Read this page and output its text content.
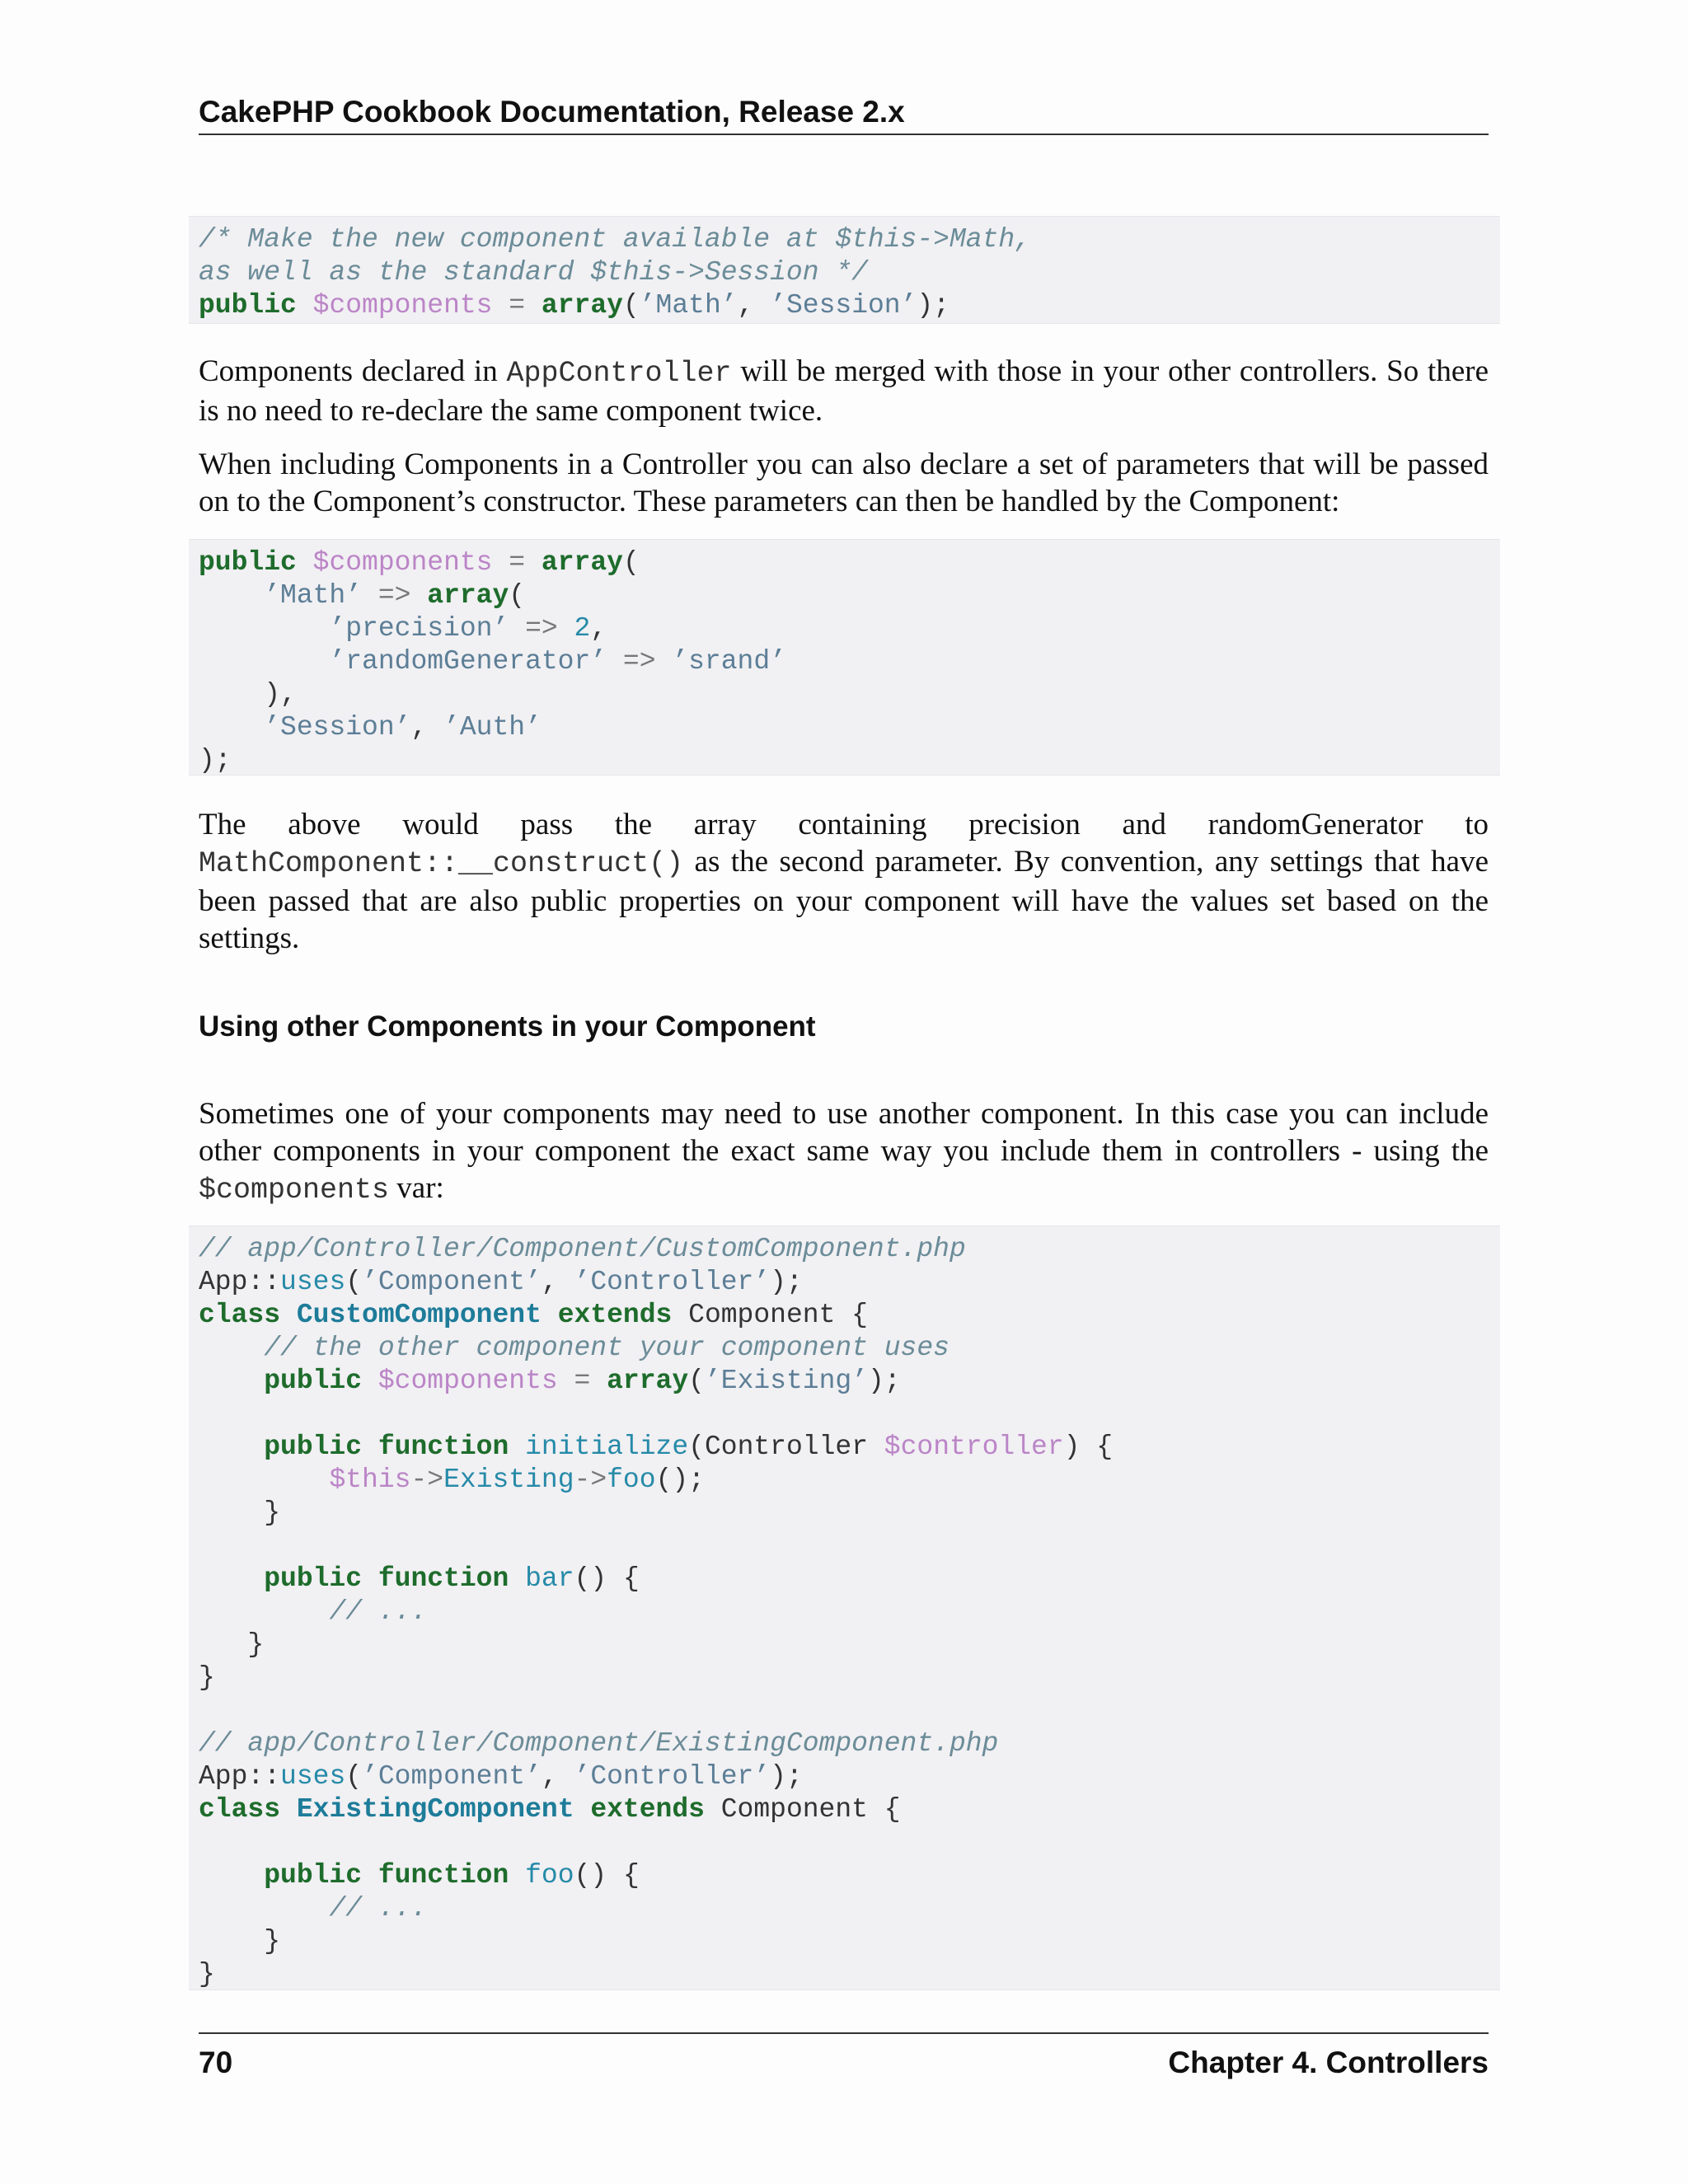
CakePHP Cookbook Documentation, Release 2.x
/* Make the new component available at $this->Math,
as well as the standard $this->Session */
public $components = array(’Math’, ’Session’);

Components declared in AppController will be merged with those in your other controllers. So there is no need to re-declare the same component twice.

When including Components in a Controller you can also declare a set of parameters that will be passed on to the Component’s constructor. These parameters can then be handled by the Component:

public $components = array(
’Math’ => array(
’precision’ => 2,
’randomGenerator’ => ’srand’
),
’Session’, ’Auth’
);

The above would pass the array containing precision and randomGenerator to

MathComponent::__construct() as the second parameter. By convention, any settings that have been passed that are also public properties on your component will have the values set based on the settings.

Using other Components in your Component

Sometimes one of your components may need to use another component. In this case you can include other components in your component the exact same way you include them in controllers - using the $components var:

// app/Controller/Component/CustomComponent.php
App::uses(’Component’, ’Controller’);
class CustomComponent extends Component {
// the other component your component uses
public $components = array(’Existing’);

public function initialize(Controller $controller) {
$this->Existing->foo();
}

public function bar() {
// ...
}
}

// app/Controller/Component/ExistingComponent.php
App::uses(’Component’, ’Controller’);
class ExistingComponent extends Component {

public function foo() {
// ...
}
}
70	Chapter 4. Controllers
